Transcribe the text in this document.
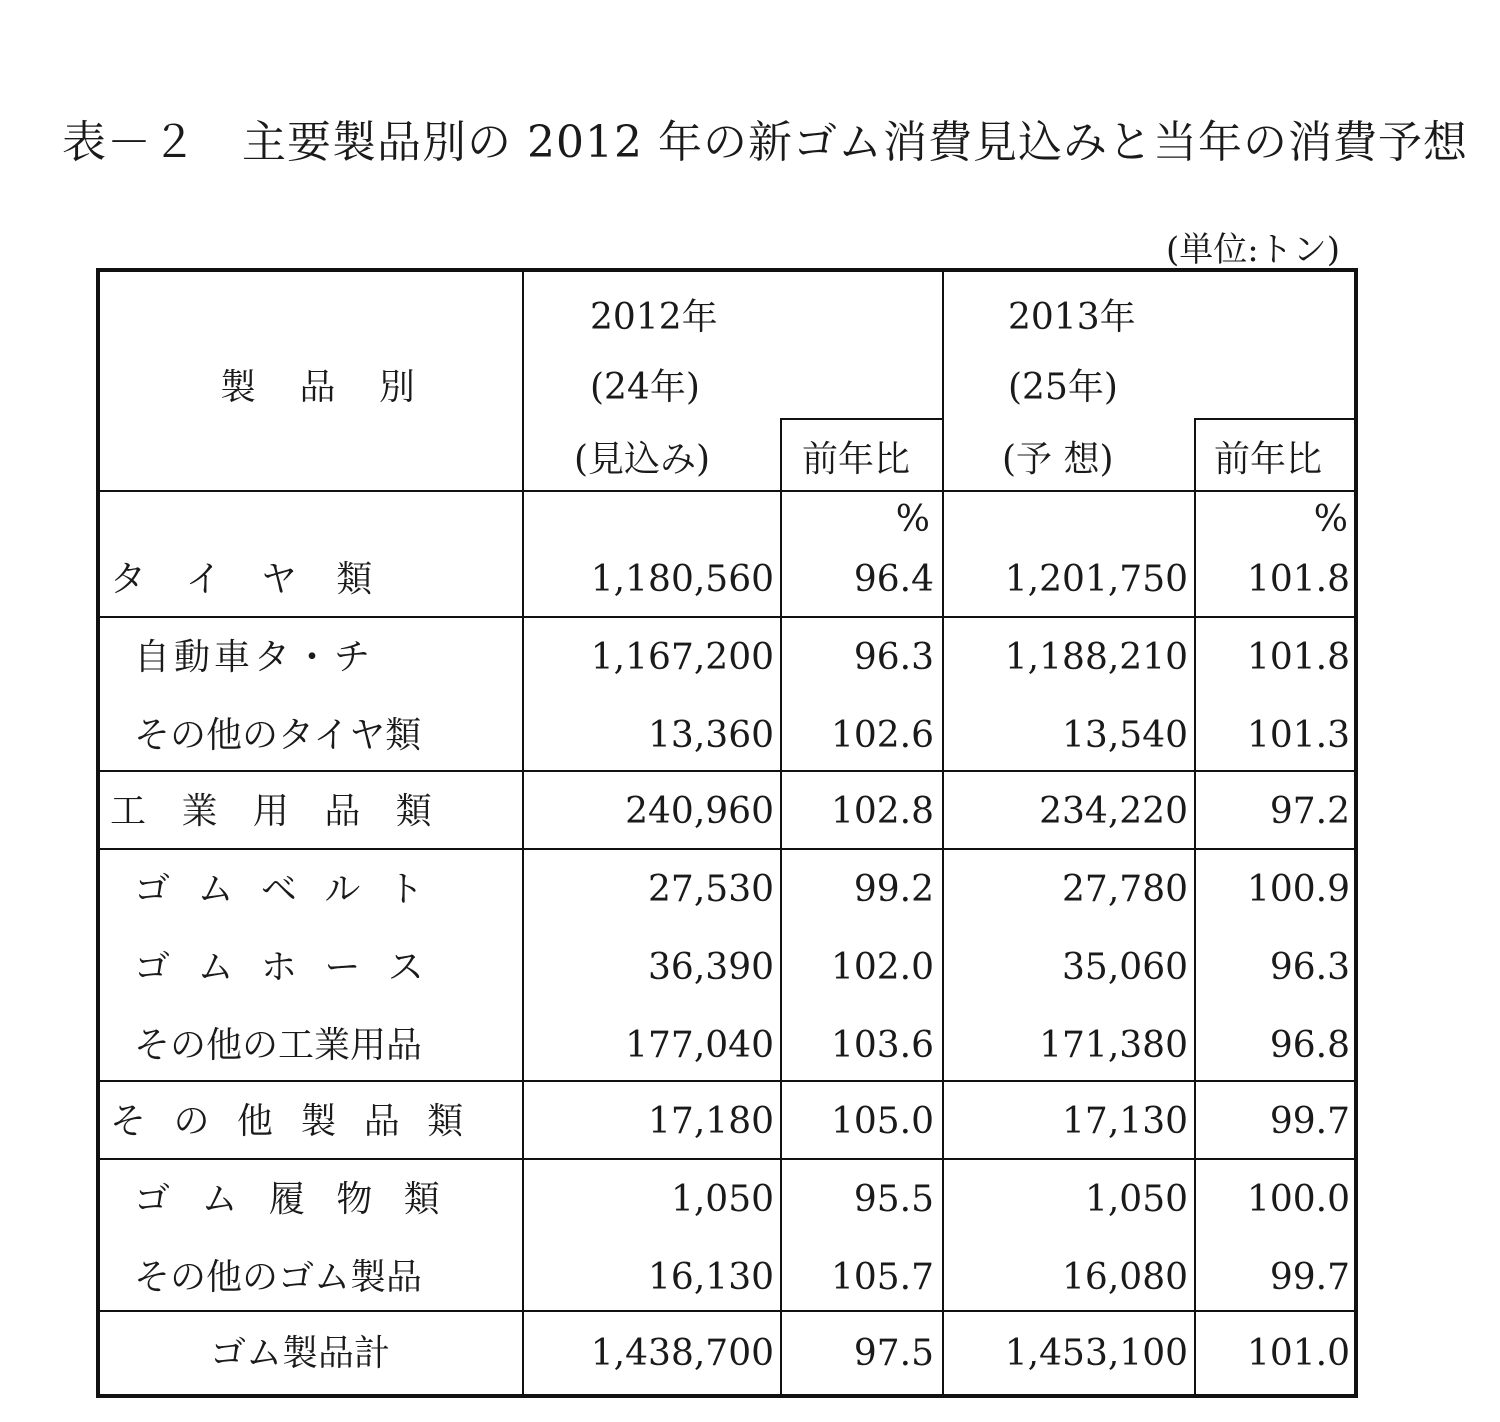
表－２　主要製品別の 2012 年の新ゴム消費見込みと当年の消費予想
(単位:トン)
製 品 別
2012年
(24年)
(見込み)	前年比
2013年
(25年)
(予 想)	前年比
%	%
タ イ ヤ 類	1,180,560	96.4	1,201,750	101.8
自動車タ・チ	1,167,200	96.3	1,188,210	101.8
その他のタイヤ類	13,360	102.6	13,540	101.3
工 業 用 品 類	240,960	102.8	234,220	97.2
ゴ ム ベ ル ト	27,530	99.2	27,780	100.9
ゴ ム ホ ー ス	36,390	102.0	35,060	96.3
その他の工業用品	177,040	103.6	171,380	96.8
そ の 他 製 品 類	17,180	105.0	17,130	99.7
ゴ ム 履 物 類	1,050	95.5	1,050	100.0
その他のゴム製品	16,130	105.7	16,080	99.7
ゴム製品計	1,438,700	97.5	1,453,100	101.0
